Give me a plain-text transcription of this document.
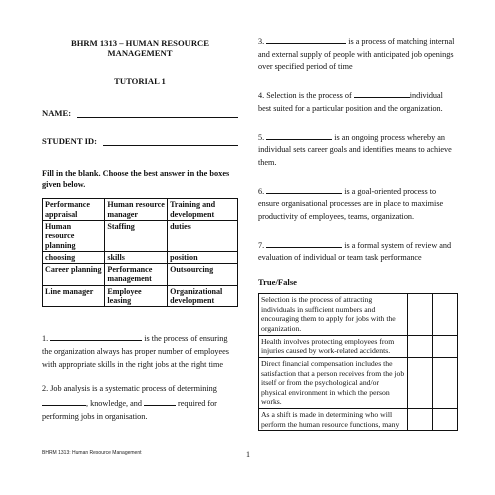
BHRM 1313 – HUMAN RESOURCE MANAGEMENT
TUTORIAL 1
NAME:
STUDENT ID:
Fill in the blank. Choose the best answer in the boxes given below.
Performance appraisal	Human resource manager	Training and development
Human resource planning	Staffing	duties
choosing	skills	position
Career planning	Performance management	Outsourcing
Line manager	Employee leasing	Organizational development
1.	is the process of ensuring the organization always has proper number of employees with appropriate skills in the right jobs at the right time
2. Job analysis is a systematic process of determining , knowledge, and	required for performing jobs in organisation.
3.	is a process of matching internal and external supply of people with anticipated job openings over specified period of time
4. Selection is the process of	individual best suited for a particular position and the organization.
5.	is an ongoing process whereby an individual sets career goals and identifies means to achieve them.
6.	is a goal-oriented process to ensure organisational processes are in place to maximise productivity of employees, teams, organization.
7.	is a formal system of review and evaluation of individual or team task performance
True/False
Selection is the process of attracting individuals in sufficient numbers and encouraging them to apply for jobs with the organization.		
Health involves protecting employees from injuries caused by work-related accidents.		
Direct financial compensation includes the satisfaction that a person receives from the job itself or from the psychological and/or physical environment in which the person works.		
As a shift is made in determining who will perform the human resource functions, many		
BHRM 1313: Human Resource Management	1
